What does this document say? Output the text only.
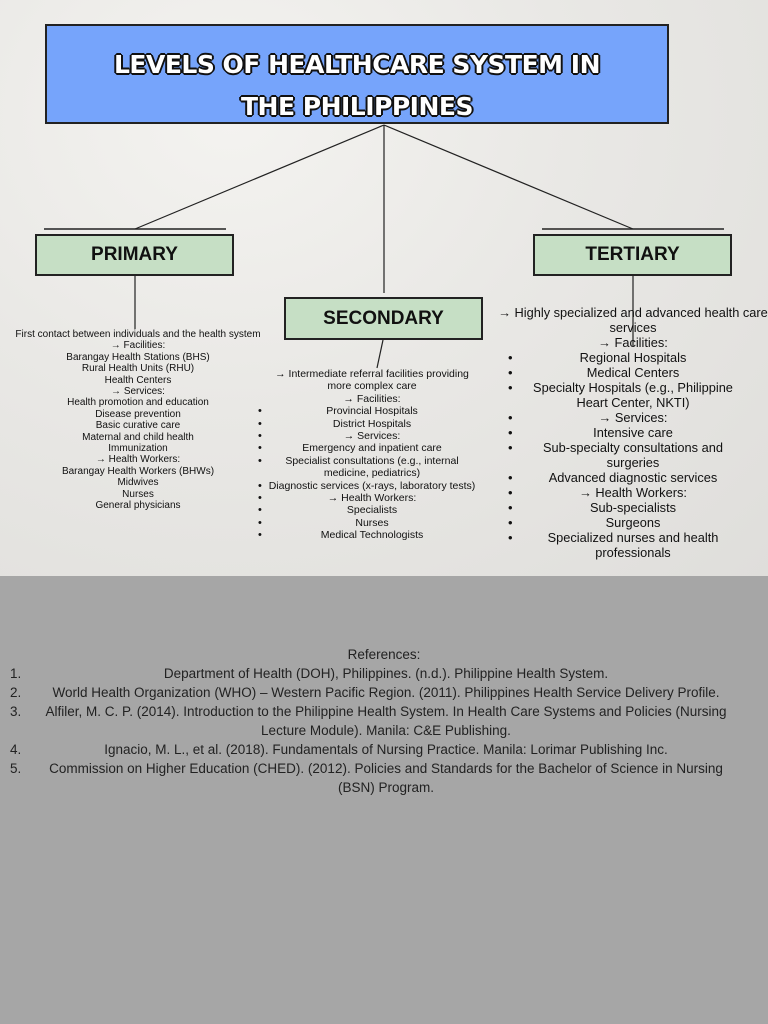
LEVELS OF HEALTHCARE SYSTEM IN
THE PHILIPPINES
PRIMARY	TERTIARY
SECONDARY
First contact between individuals and the health system
→ Facilities:
Barangay Health Stations (BHS)
Rural Health Units (RHU)
Health Centers
→ Services:
Health promotion and education
Disease prevention
Basic curative care
Maternal and child health
Immunization
→ Health Workers:
Barangay Health Workers (BHWs)
Midwives
Nurses
General physicians
→ Intermediate referral facilities providing more complex care
→ Facilities:
• Provincial Hospitals
• District Hospitals
• → Services:
• Emergency and inpatient care
• Specialist consultations (e.g., internal medicine, pediatrics)
• Diagnostic services (x-rays, laboratory tests)
• → Health Workers:
• Specialists
• Nurses
• Medical Technologists
→ Highly specialized and advanced health care services
→ Facilities:
• Regional Hospitals
• Medical Centers
• Specialty Hospitals (e.g., Philippine Heart Center, NKTI)
• → Services:
• Intensive care
• Sub-specialty consultations and surgeries
• Advanced diagnostic services
• → Health Workers:
• Sub-specialists
• Surgeons
• Specialized nurses and health professionals
References:
1.	Department of Health (DOH), Philippines. (n.d.). Philippine Health System.
2. World Health Organization (WHO) – Western Pacific Region. (2011). Philippines Health Service Delivery Profile.
3. Alfiler, M. C. P. (2014). Introduction to the Philippine Health System. In Health Care Systems and Policies (Nursing Lecture Module). Manila: C&E Publishing.
4.	Ignacio, M. L., et al. (2018). Fundamentals of Nursing Practice. Manila: Lorimar Publishing Inc.
5. Commission on Higher Education (CHED). (2012). Policies and Standards for the Bachelor of Science in Nursing (BSN) Program.
